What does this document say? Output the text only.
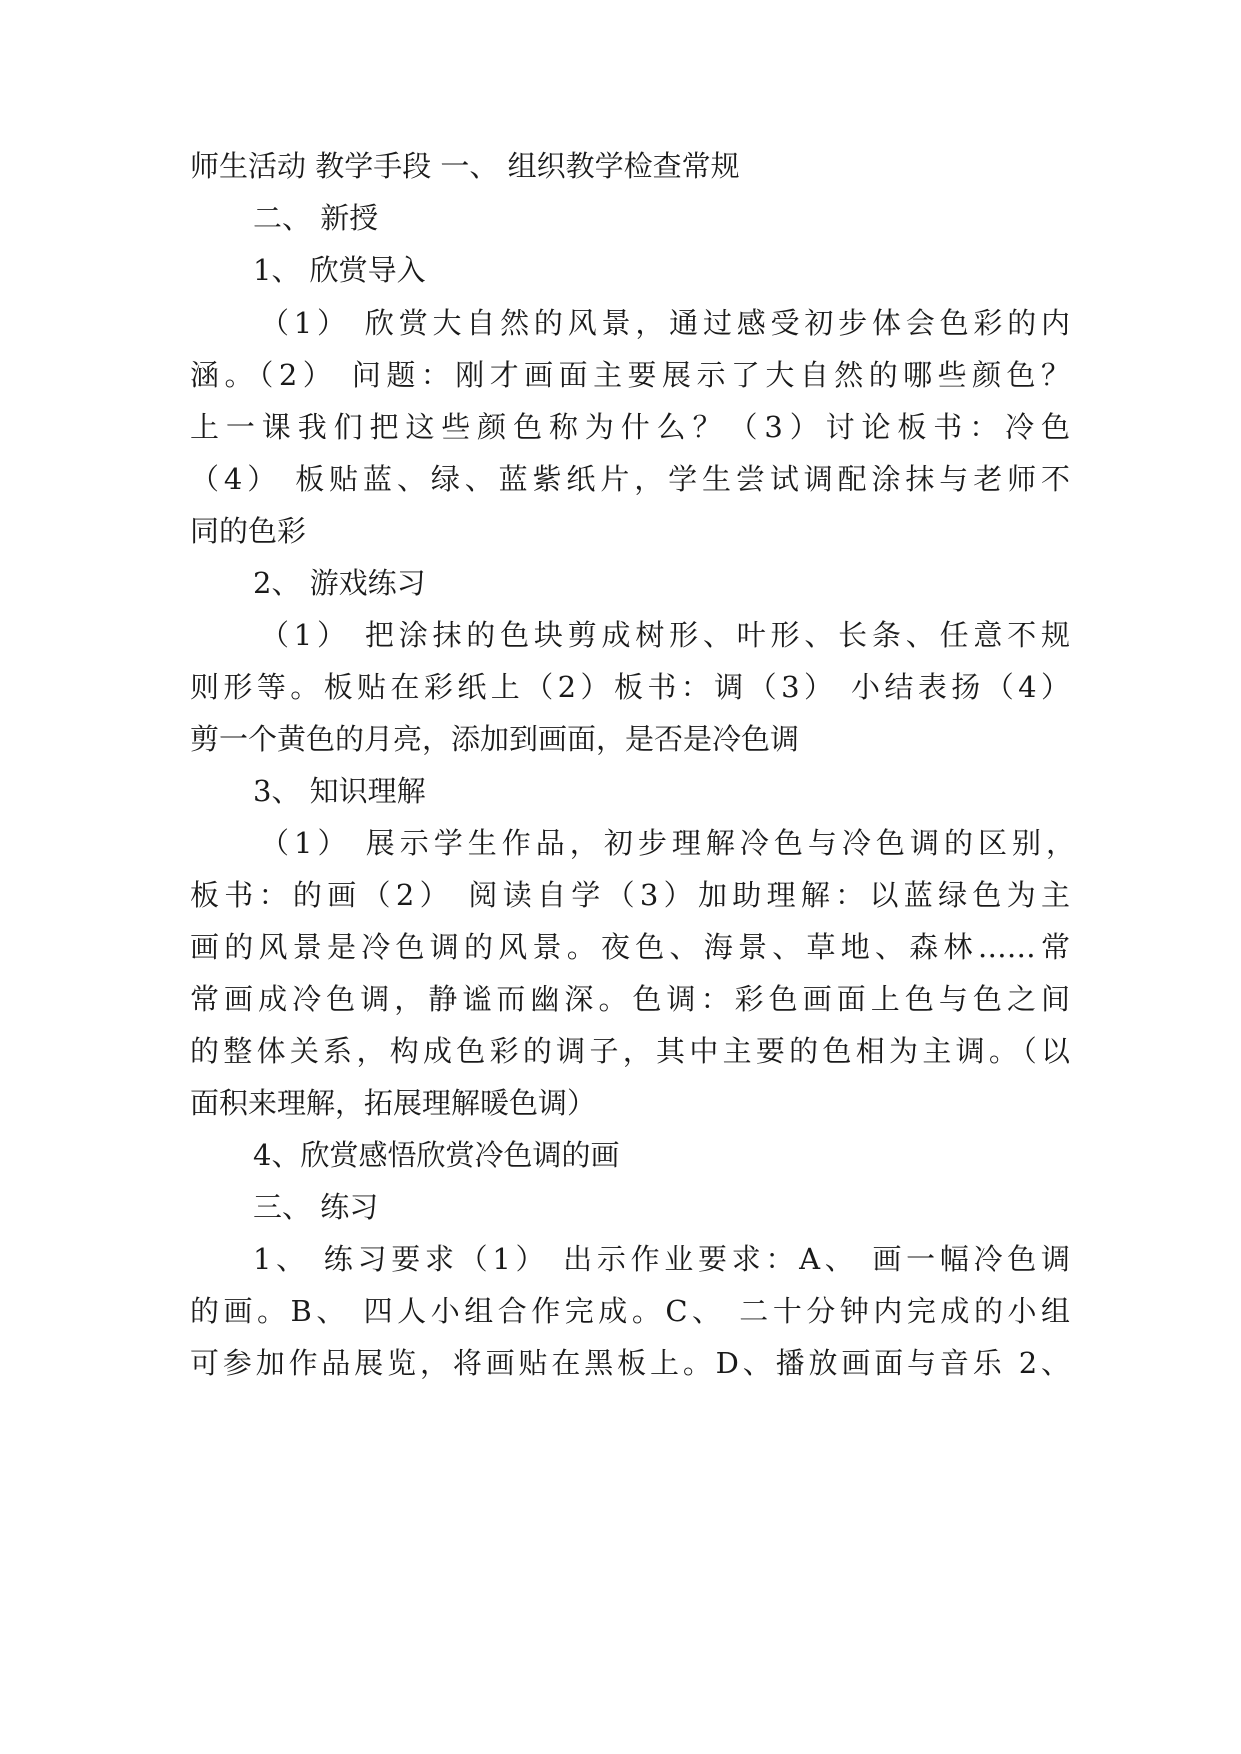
师生活动 教学手段 一、 组织教学检查常规
二、 新授
1、 欣赏导入
（1） 欣赏大自然的风景，通过感受初步体会色彩的内
涵。（2） 问题：刚才画面主要展示了大自然的哪些颜色？
上一课我们把这些颜色称为什么？（3）讨论板书：冷色
（4） 板贴蓝、绿、蓝紫纸片，学生尝试调配涂抹与老师不
同的色彩
2、 游戏练习
（1） 把涂抹的色块剪成树形、叶形、长条、任意不规
则形等。板贴在彩纸上（2）板书：调（3） 小结表扬（4）
剪一个黄色的月亮，添加到画面，是否是冷色调
3、 知识理解
（1） 展示学生作品，初步理解冷色与冷色调的区别，
板书：的画（2） 阅读自学（3）加助理解：以蓝绿色为主
画的风景是冷色调的风景。夜色、海景、草地、森林……常
常画成冷色调，静谧而幽深。色调：彩色画面上色与色之间
的整体关系，构成色彩的调子，其中主要的色相为主调。（以
面积来理解，拓展理解暖色调）
4、欣赏感悟欣赏冷色调的画
三、 练习
1、 练习要求（1） 出示作业要求：A、 画一幅冷色调
的画。B、 四人小组合作完成。C、 二十分钟内完成的小组
可参加作品展览，将画贴在黑板上。D、播放画面与音乐 2、
